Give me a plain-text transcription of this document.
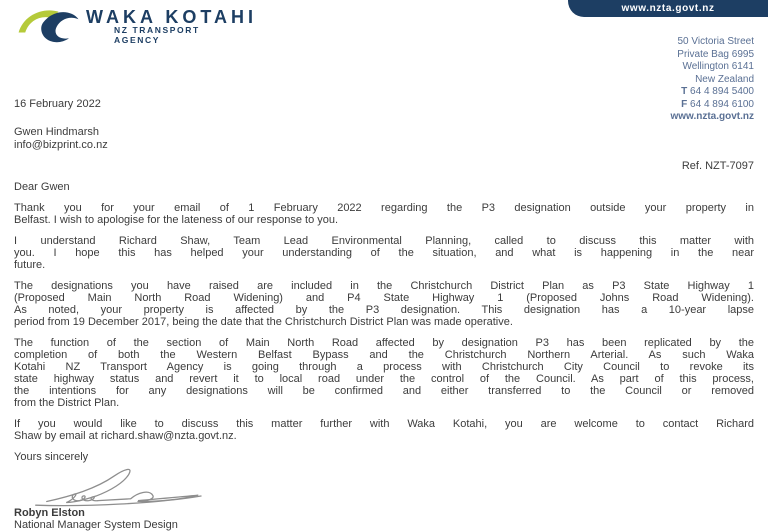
www.nzta.govt.nz
WAKA KOTAHI
NZ TRANSPORT
AGENCY	50 Victoria Street
Private Bag 6995
Wellington 6141
New Zealand
T 64 4 894 5400
F 64 4 894 6100
www.nzta.govt.nz
16 February 2022
Gwen Hindmarsh
info@bizprint.co.nz
Ref. NZT-7097
Dear Gwen
Thank you for your email of 1 February 2022 regarding the P3 designation outside your property in
Belfast. I wish to apologise for the lateness of our response to you.
I understand Richard Shaw, Team Lead Environmental Planning, called to discuss this matter with
you. I hope this has helped your understanding of the situation, and what is happening in the near
future.
The designations you have raised are included in the Christchurch District Plan as P3 State Highway 1
(Proposed Main North Road Widening) and P4 State Highway 1 (Proposed Johns Road Widening).
As noted, your property is affected by the P3 designation. This designation has a 10-year lapse
period from 19 December 2017, being the date that the Christchurch District Plan was made operative.
The function of the section of Main North Road affected by designation P3 has been replicated by the
completion of both the Western Belfast Bypass and the Christchurch Northern Arterial. As such Waka
Kotahi NZ Transport Agency is going through a process with Christchurch City Council to revoke its
state highway status and revert it to local road under the control of the Council. As part of this process,
the intentions for any designations will be confirmed and either transferred to the Council or removed
from the District Plan.
If you would like to discuss this matter further with Waka Kotahi, you are welcome to contact Richard
Shaw by email at richard.shaw@nzta.govt.nz.
Yours sincerely
Robyn Elston
National Manager System Design
